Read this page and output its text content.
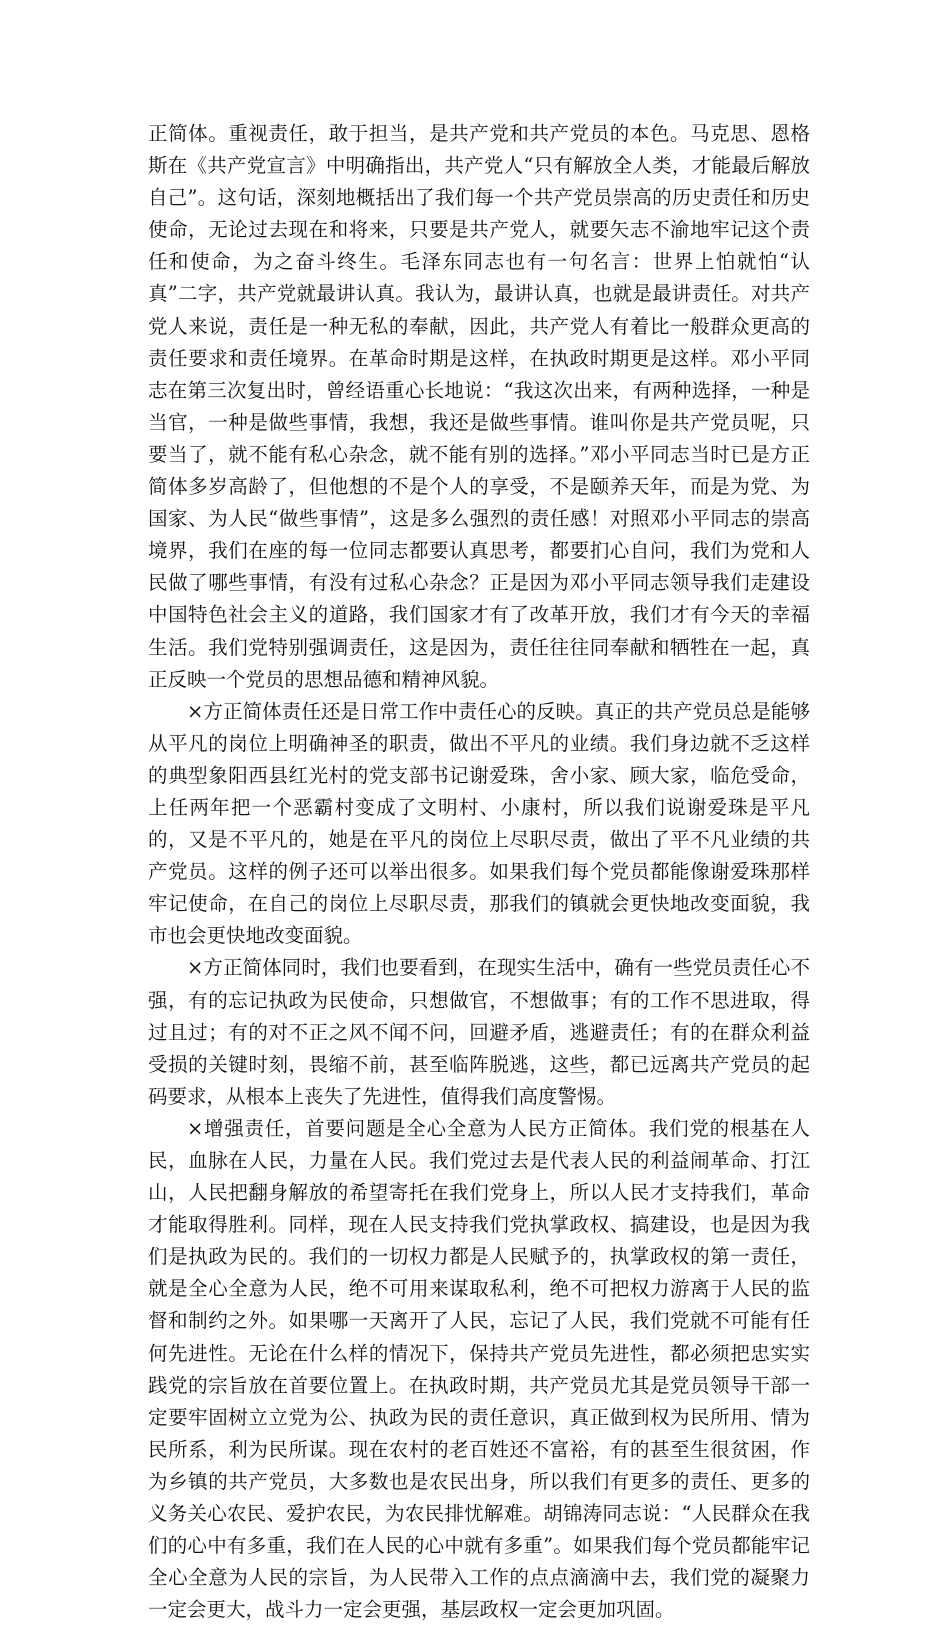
正简体。重视责任，敢于担当，是共产党和共产党员的本色。马克思、恩格斯在《共产党宣言》中明确指出，共产党人“只有解放全人类，才能最后解放自己”。这句话，深刻地概括出了我们每一个共产党员崇高的历史责任和历史使命，无论过去现在和将来，只要是共产党人，就要矢志不渝地牢记这个责任和使命，为之奋斗终生。毛泽东同志也有一句名言：世界上怕就怕“认真”二字，共产党就最讲认真。我认为，最讲认真，也就是最讲责任。对共产党人来说，责任是一种无私的奉献，因此，共产党人有着比一般群众更高的责任要求和责任境界。在革命时期是这样，在执政时期更是这样。邓小平同志在第三次复出时，曾经语重心长地说：“我这次出来，有两种选择，一种是当官，一种是做些事情，我想，我还是做些事情。谁叫你是共产党员呢，只要当了，就不能有私心杂念，就不能有别的选择。”邓小平同志当时已是方正简体多岁高龄了，但他想的不是个人的享受，不是颐养天年，而是为党、为国家、为人民“做些事情”，这是多么强烈的责任感！对照邓小平同志的崇高境界，我们在座的每一位同志都要认真思考，都要扪心自问，我们为党和人民做了哪些事情，有没有过私心杂念？正是因为邓小平同志领导我们走建设中国特色社会主义的道路，我们国家才有了改革开放，我们才有今天的幸福生活。我们党特别强调责任，这是因为，责任往往同奉献和牺牲在一起，真正反映一个党员的思想品德和精神风貌。

×方正简体责任还是日常工作中责任心的反映。真正的共产党员总是能够从平凡的岗位上明确神圣的职责，做出不平凡的业绩。我们身边就不乏这样的典型象阳西县红光村的党支部书记谢爱珠，舍小家、顾大家，临危受命，上任两年把一个恶霸村变成了文明村、小康村，所以我们说谢爱珠是平凡的，又是不平凡的，她是在平凡的岗位上尽职尽责，做出了平不凡业绩的共产党员。这样的例子还可以举出很多。如果我们每个党员都能像谢爱珠那样牢记使命，在自己的岗位上尽职尽责，那我们的镇就会更快地改变面貌，我市也会更快地改变面貌。

×方正简体同时，我们也要看到，在现实生活中，确有一些党员责任心不强，有的忘记执政为民使命，只想做官，不想做事；有的工作不思进取，得过且过；有的对不正之风不闻不问，回避矛盾，逃避责任；有的在群众利益受损的关键时刻，畏缩不前，甚至临阵脱逃，这些，都已远离共产党员的起码要求，从根本上丧失了先进性，值得我们高度警惕。

×增强责任，首要问题是全心全意为人民方正简体。我们党的根基在人民，血脉在人民，力量在人民。我们党过去是代表人民的利益闹革命、打江山，人民把翻身解放的希望寄托在我们党身上，所以人民才支持我们，革命才能取得胜利。同样，现在人民支持我们党执掌政权、搞建设，也是因为我们是执政为民的。我们的一切权力都是人民赋予的，执掌政权的第一责任，就是全心全意为人民，绝不可用来谋取私利，绝不可把权力游离于人民的监督和制约之外。如果哪一天离开了人民，忘记了人民，我们党就不可能有任何先进性。无论在什么样的情况下，保持共产党员先进性，都必须把忠实实践党的宗旨放在首要位置上。在执政时期，共产党员尤其是党员领导干部一定要牢固树立立党为公、执政为民的责任意识，真正做到权为民所用、情为民所系，利为民所谋。现在农村的老百姓还不富裕，有的甚至生很贫困，作为乡镇的共产党员，大多数也是农民出身，所以我们有更多的责任、更多的义务关心农民、爱护农民，为农民排忧解难。胡锦涛同志说：“人民群众在我们的心中有多重，我们在人民的心中就有多重”。如果我们每个党员都能牢记全心全意为人民的宗旨，为人民带入工作的点点滴滴中去，我们党的凝聚力一定会更大，战斗力一定会更强，基层政权一定会更加巩固。
